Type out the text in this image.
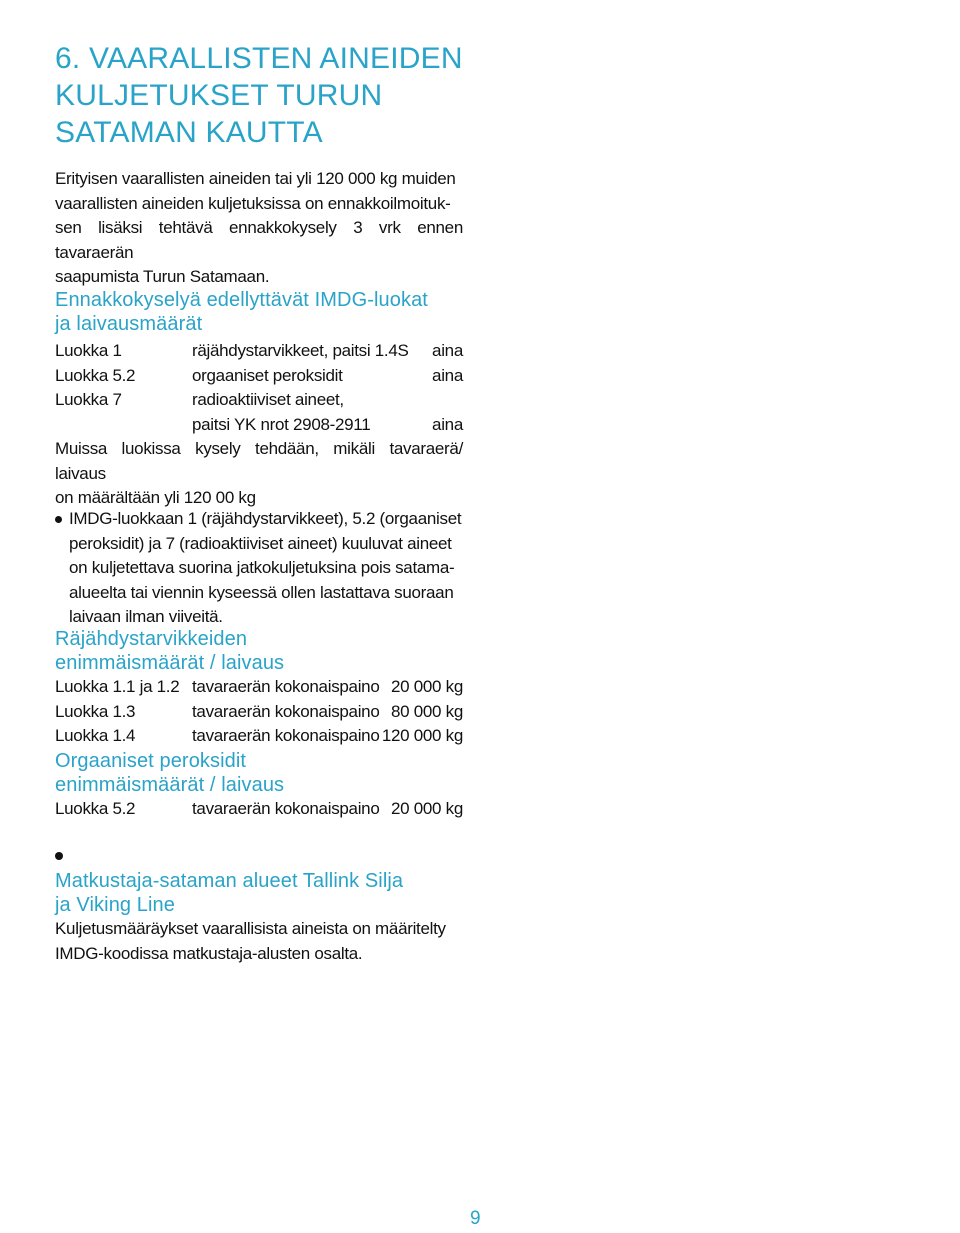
6. VAARALLISTEN AINEIDEN
KULJETUKSET TURUN
SATAMAN KAUTTA

Erityisen vaarallisten aineiden tai yli 120 000 kg muiden
vaarallisten aineiden kuljetuksissa on ennakkoilmoituk-
sen lisäksi tehtävä ennakkokysely 3 vrk ennen tavaraerän
saapumista Turun Satamaan.

Ennakkokyselyä edellyttävät IMDG-luokat
ja laivausmäärät
Luokka 1	räjähdystarvikkeet, paitsi 1.4S aina
Luokka 5.2	orgaaniset peroksidit	aina
Luokka 7	radioaktiiviset aineet,
paitsi YK nrot 2908-2911	aina

Muissa luokissa kysely tehdään, mikäli tavaraerä/ laivaus
on määrältään yli 120 00 kg

IMDG-luokkaan 1 (räjähdystarvikkeet), 5.2 (orgaaniset
peroksidit) ja 7 (radioaktiiviset aineet) kuuluvat aineet
on kuljetettava suorina jatkokuljetuksina pois satama-
alueelta tai viennin kyseessä ollen lastattava suoraan
laivaan ilman viiveitä.
Räjähdystarvikkeiden
enimmäismäärät / laivaus
Luokka 1.1 ja 1.2 tavaraerän kokonaispaino 20 000 kg
Luokka 1.3	tavaraerän kokonaispaino 80 000 kg
Luokka 1.4	tavaraerän kokonaispaino 120 000 kg
Orgaaniset peroksidit
enimmäismäärät / laivaus
Luokka 5.2	tavaraerän kokonaispaino 20 000 kg
Matkustaja-sataman alueet Tallink Silja
ja Viking Line

Kuljetusmääräykset vaarallisista aineista on määritelty
IMDG-koodissa matkustaja-alusten osalta.

9
